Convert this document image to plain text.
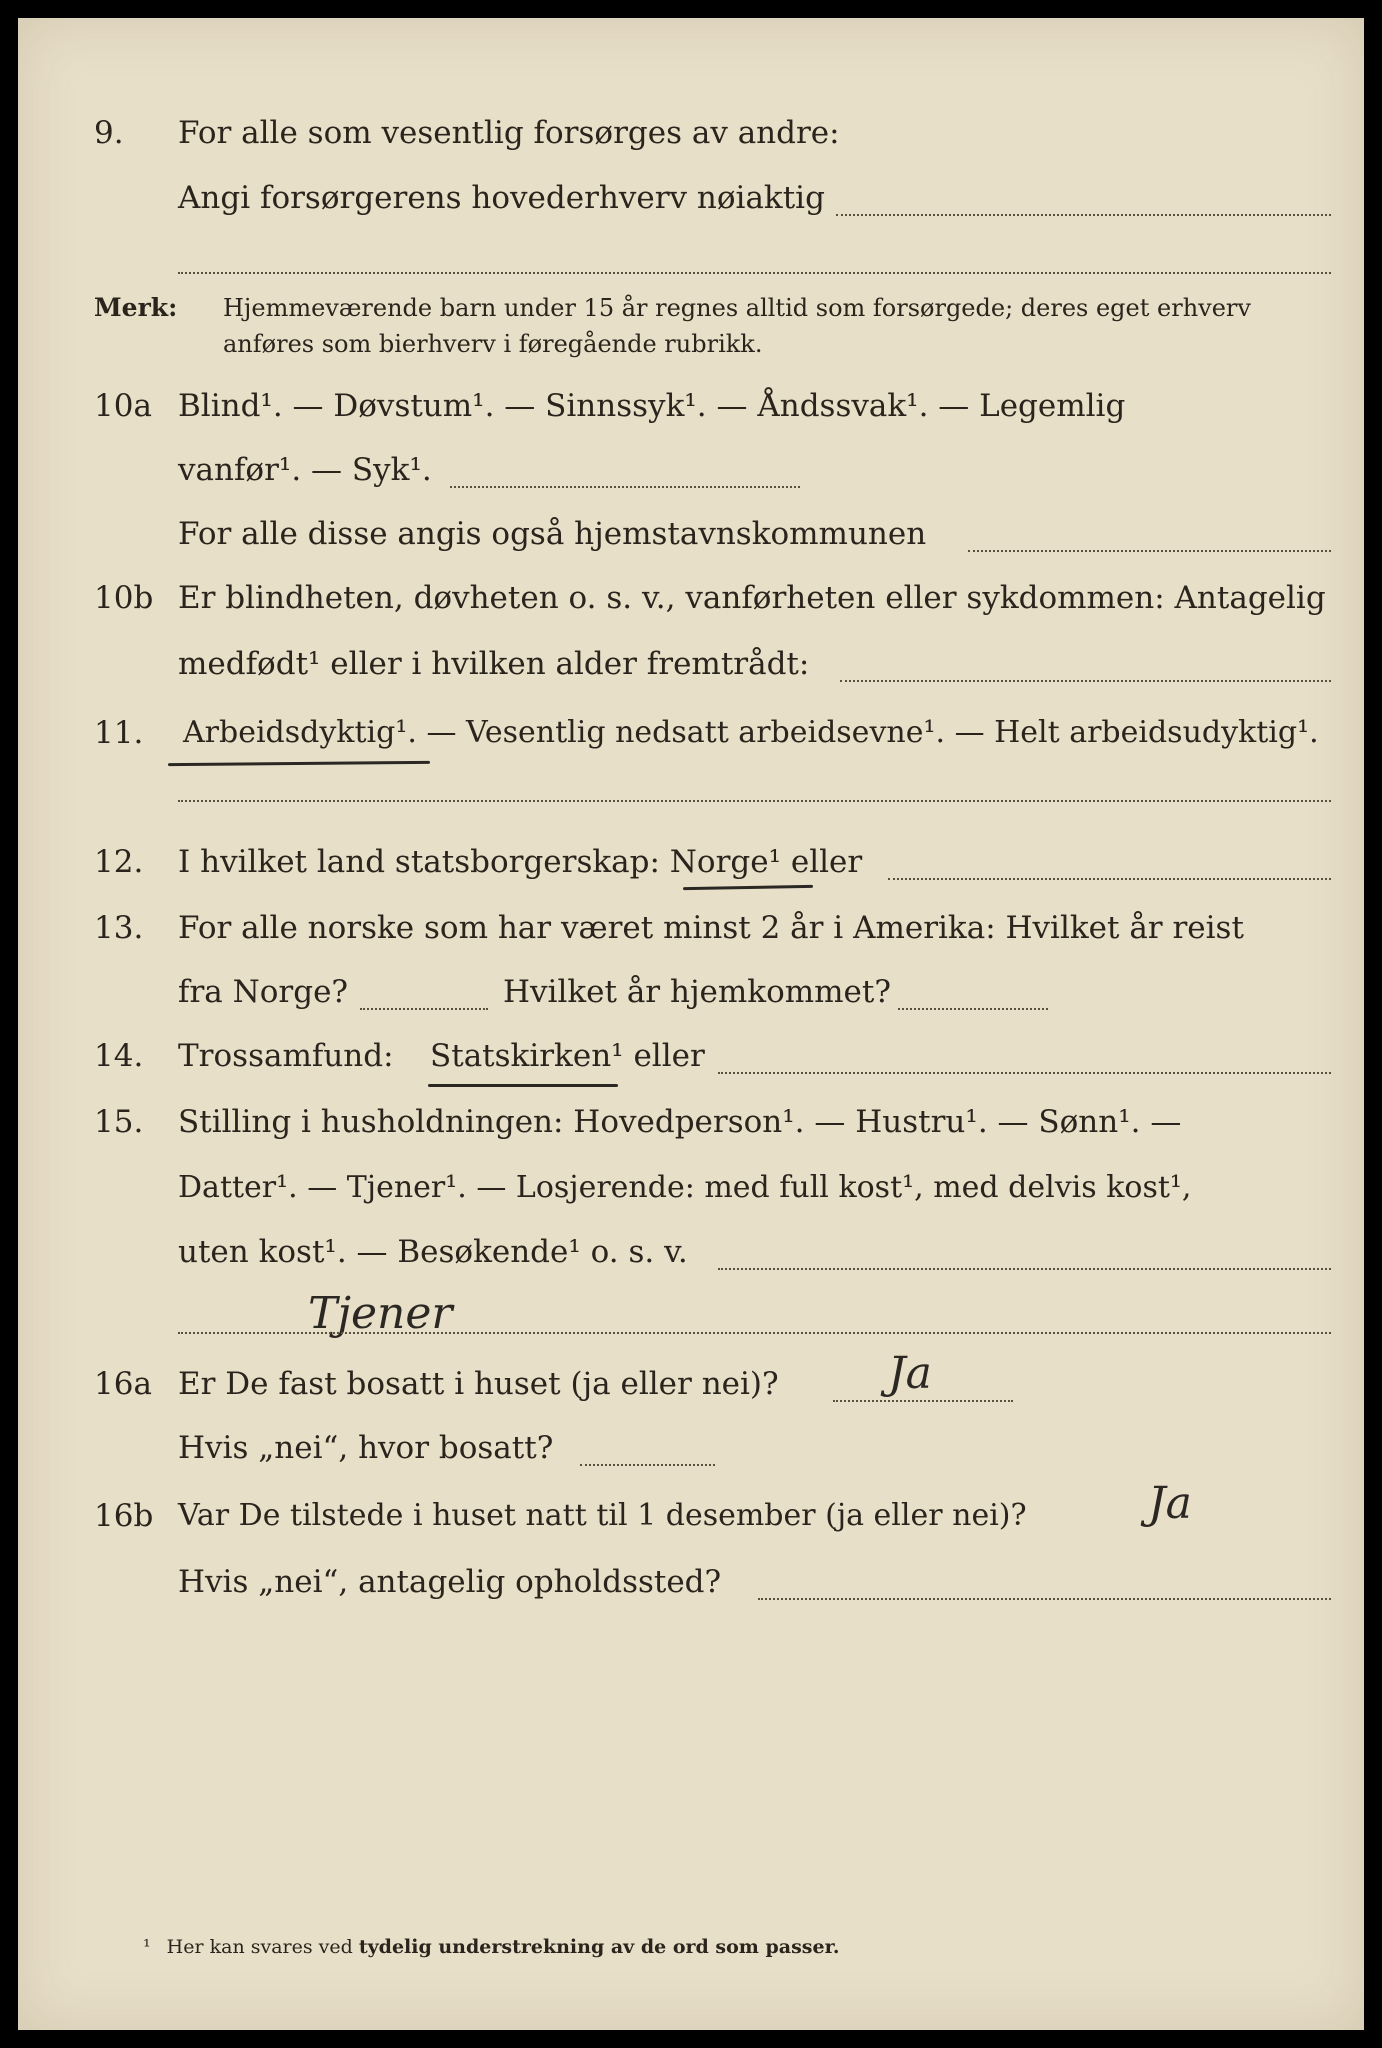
9. For alle som vesentlig forsørges av andre:
Angi forsørgerens hovederhverv nøiaktig
Merk: Hjemmeværende barn under 15 år regnes alltid som forsørgede; deres eget erhverv
anføres som bierhverv i føregående rubrikk.
10a Blind¹. — Døvstum¹. — Sinnssyk¹. — Åndssvak¹. — Legemlig
vanfør¹. — Syk¹.
For alle disse angis også hjemstavnskommunen
10b Er blindheten, døvheten o. s. v., vanførheten eller sykdommen: Antagelig
medfødt¹ eller i hvilken alder fremtrådt:
11. Arbeidsdyktig¹. — Vesentlig nedsatt arbeidsevne¹. — Helt arbeidsudyktig¹.
12. I hvilket land statsborgerskap: Norge¹ eller
13. For alle norske som har været minst 2 år i Amerika: Hvilket år reist
fra Norge?	Hvilket år hjemkommet?
14. Trossamfund: Statskirken¹ eller
15. Stilling i husholdningen: Hovedperson¹. — Hustru¹. — Sønn¹. —
Datter¹. — Tjener¹. — Losjerende: med full kost¹, med delvis kost¹,
uten kost¹. — Besøkende¹ o. s. v.
Tjener
16a Er De fast bosatt i huset (ja eller nei)? Ja
Hvis „nei“, hvor bosatt?
16b Var De tilstede i huset natt til 1 desember (ja eller nei)?	Ja
Hvis „nei“, antagelig opholdssted?
¹ Her kan svares ved tydelig understrekning av de ord som passer.
